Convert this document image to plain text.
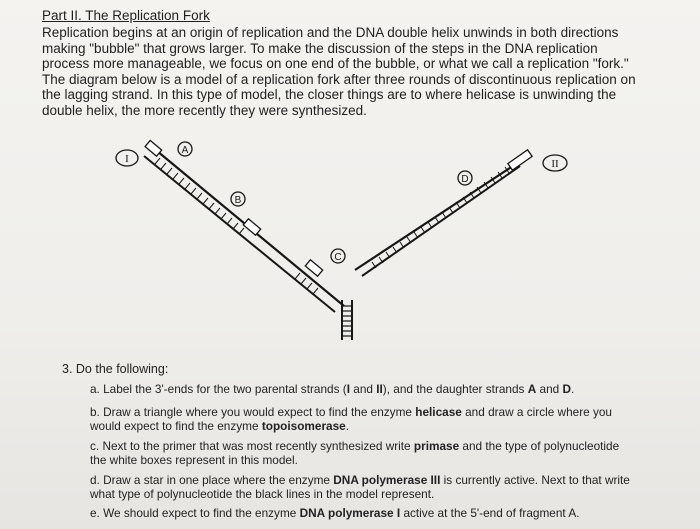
Part II. The Replication Fork

Replication begins at an origin of replication and the DNA double helix unwinds in both directions making "bubble" that grows larger. To make the discussion of the steps in the DNA replication process more manageable, we focus on one end of the bubble, or what we call a replication "fork." The diagram below is a model of a replication fork after three rounds of discontinuous replication on the lagging strand. In this type of model, the closer things are to where helicase is unwinding the double helix, the more recently they were synthesized.

I
A
B
C
D
II

3. Do the following:

a. Label the 3'-ends for the two parental strands (I and II), and the daughter strands A and D.

b. Draw a triangle where you would expect to find the enzyme helicase and draw a circle where you would expect to find the enzyme topoisomerase.

c. Next to the primer that was most recently synthesized write primase and the type of polynucleotide the white boxes represent in this model.

d. Draw a star in one place where the enzyme DNA polymerase III is currently active. Next to that write what type of polynucleotide the black lines in the model represent.

e. We should expect to find the enzyme DNA polymerase I active at the 5'-end of fragment A.
